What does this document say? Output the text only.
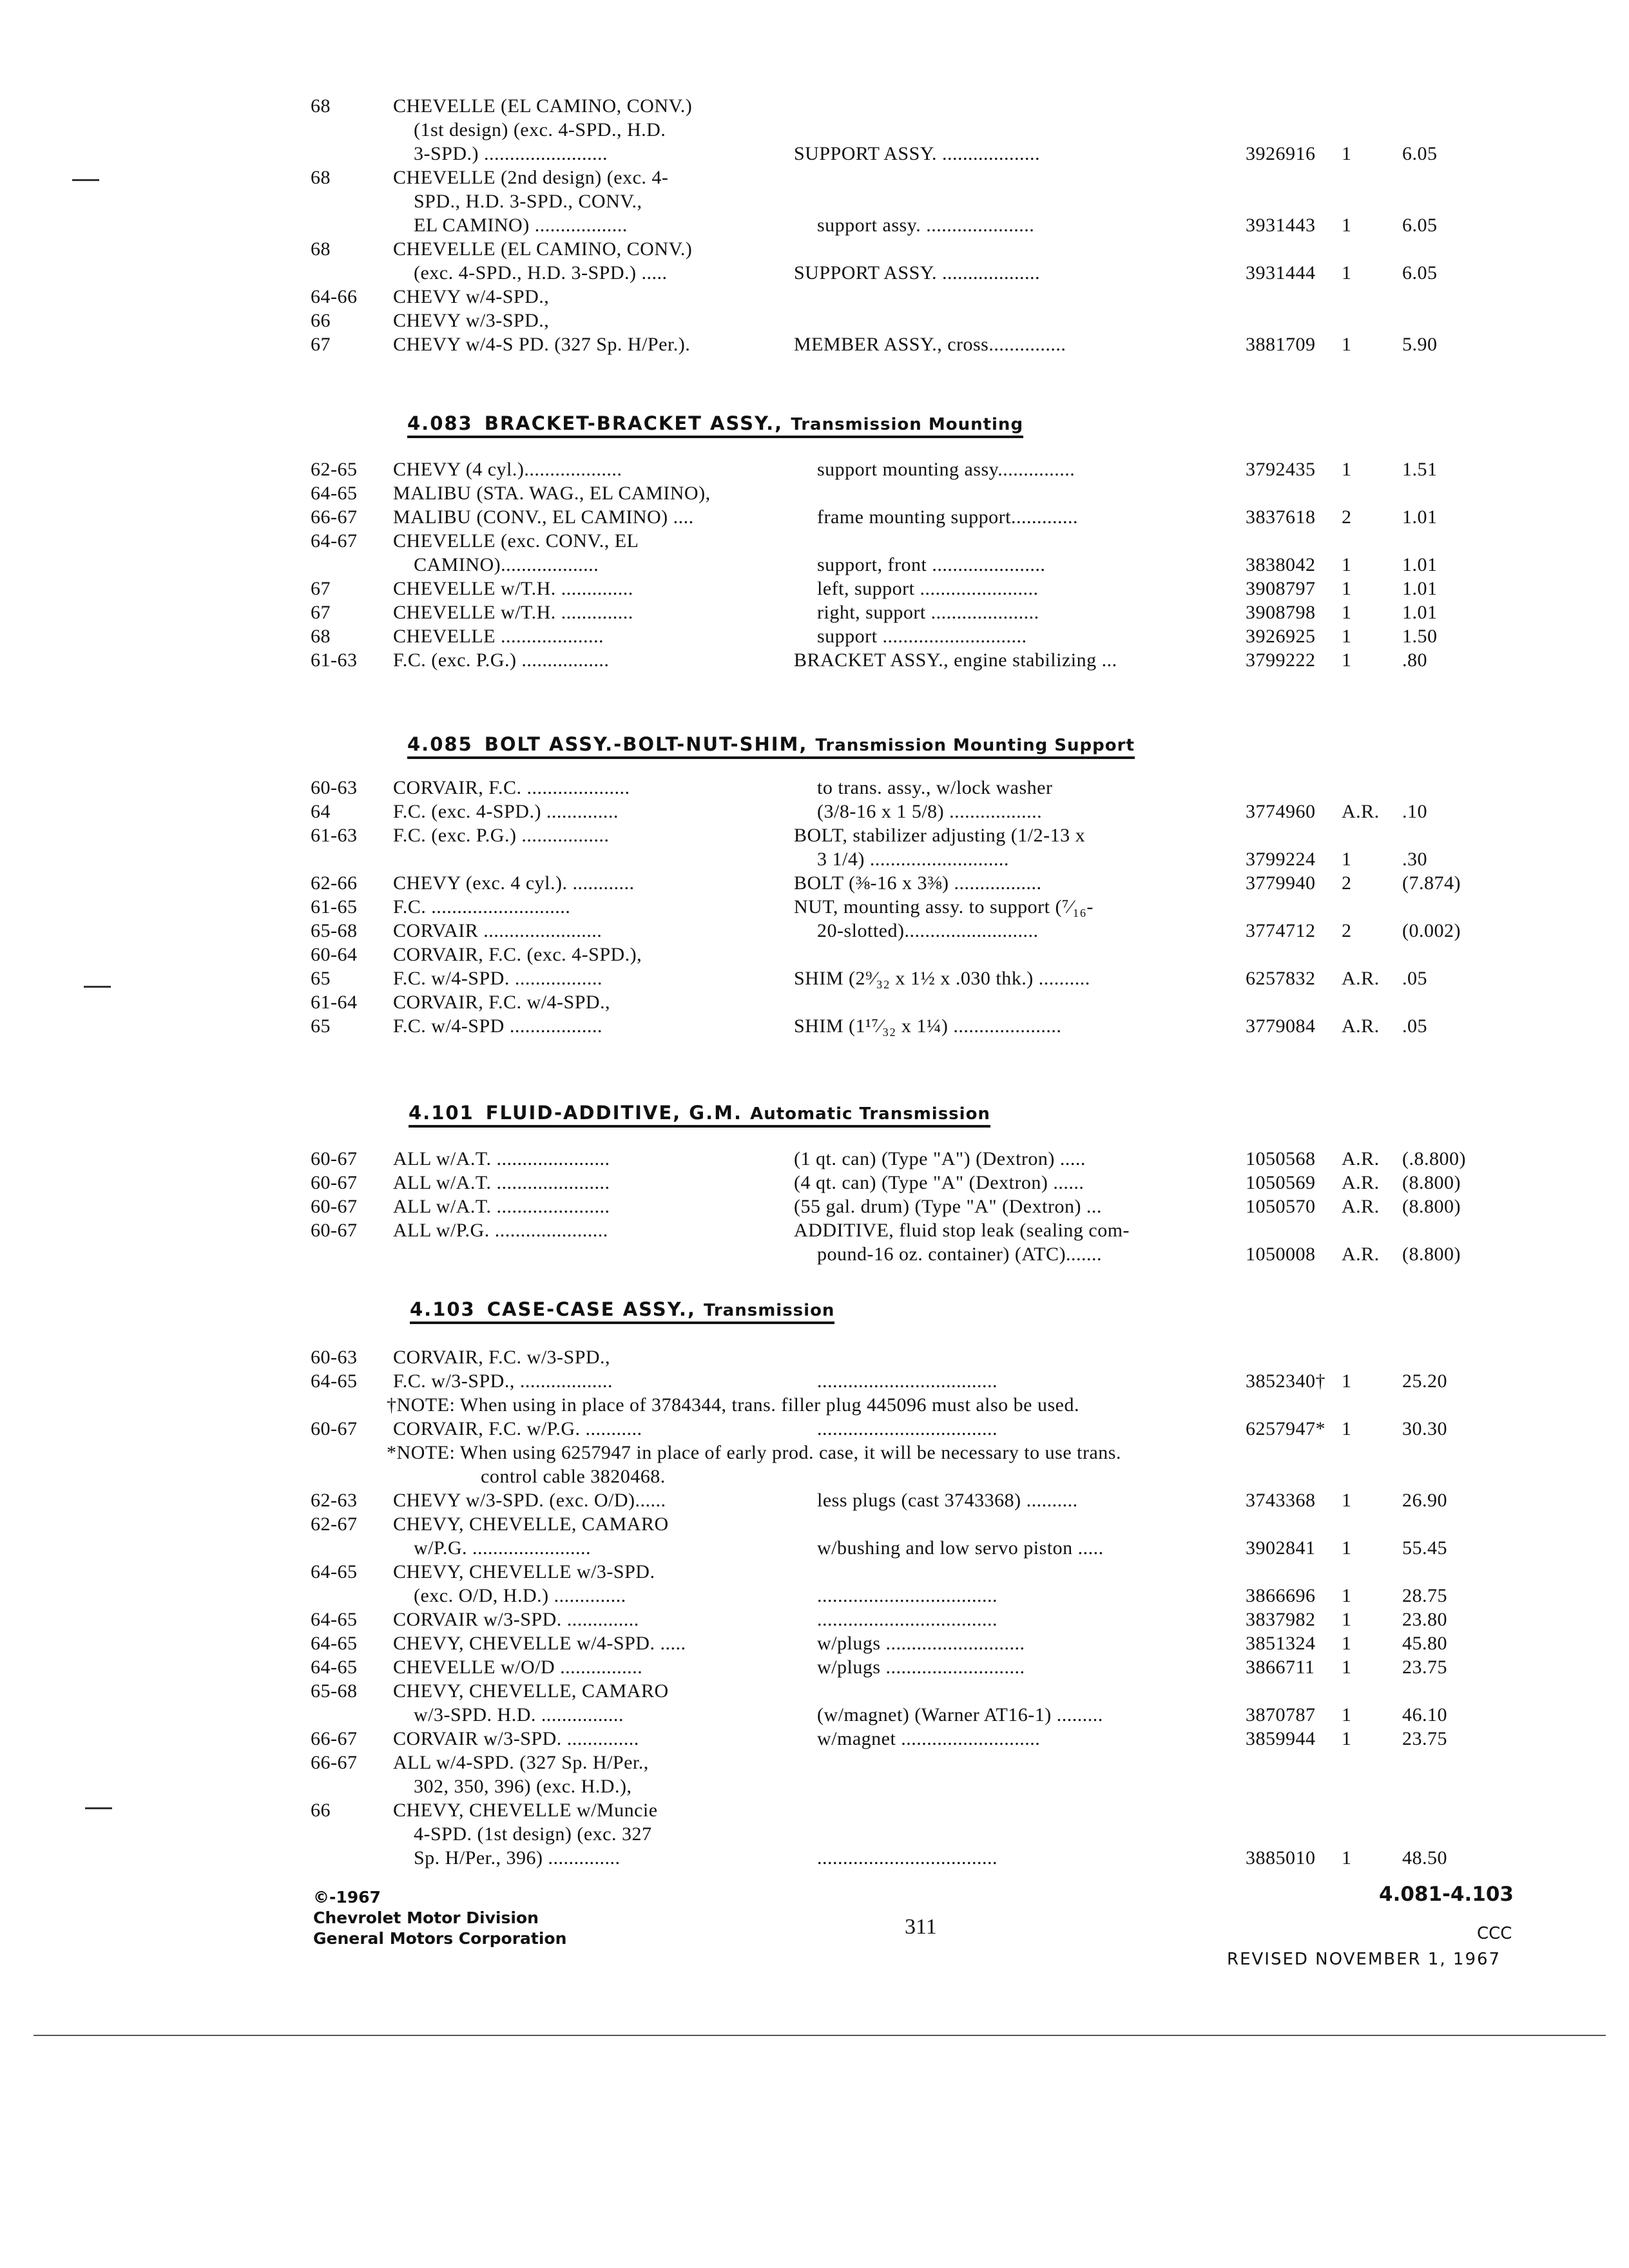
68	CHEVELLE (EL CAMINO, CONV.)
(1st design) (exc. 4-SPD., H.D.
3-SPD.) ........................	SUPPORT ASSY. ...................	3926916 1	6.05
68	CHEVELLE (2nd design) (exc. 4-
SPD., H.D. 3-SPD., CONV.,
EL CAMINO) ..................	support assy. .....................	3931443 1	6.05
68	CHEVELLE (EL CAMINO, CONV.)
(exc. 4-SPD., H.D. 3-SPD.) .....	SUPPORT ASSY. ...................	3931444 1	6.05
64-66 CHEVY w/4-SPD.,
66	CHEVY w/3-SPD.,
67	CHEVY w/4-S PD. (327 Sp. H/Per.).	MEMBER ASSY., cross...............	3881709 1	5.90
4.083 BRACKET-BRACKET ASSY., Transmission Mounting
62-65 CHEVY (4 cyl.)...................	support mounting assy...............	3792435 1	1.51
64-65 MALIBU (STA. WAG., EL CAMINO),
66-67 MALIBU (CONV., EL CAMINO) ....	frame mounting support.............	3837618 2	1.01
64-67 CHEVELLE (exc. CONV., EL
CAMINO)...................	support, front ......................	3838042 1	1.01
67	CHEVELLE w/T.H. ..............	left, support .......................	3908797 1	1.01
67	CHEVELLE w/T.H. ..............	right, support .....................	3908798 1	1.01
68	CHEVELLE ....................	support ............................	3926925 1	1.50
61-63 F.C. (exc. P.G.) .................	BRACKET ASSY., engine stabilizing ...	3799222 1	.80
4.085 BOLT ASSY.-BOLT-NUT-SHIM, Transmission Mounting Support
60-63 CORVAIR, F.C. ....................	to trans. assy., w/lock washer
64	F.C. (exc. 4-SPD.) ..............	(3/8-16 x 1 5/8) ..................	3774960 A.R. .10
61-63 F.C. (exc. P.G.) .................	BOLT, stabilizer adjusting (1/2-13 x
3 1/4) ...........................	3799224 1	.30
62-66 CHEVY (exc. 4 cyl.). ............	BOLT (⅜-16 x 3⅜) .................	3779940 2	(7.874)
61-65 F.C. ...........................	NUT, mounting assy. to support (⁷⁄₁₆-
65-68 CORVAIR .......................	20-slotted)..........................	3774712 2	(0.002)
60-64 CORVAIR, F.C. (exc. 4-SPD.),
65	F.C. w/4-SPD. .................	SHIM (2⁹⁄₃₂ x 1½ x .030 thk.) ..........	6257832 A.R. .05
61-64 CORVAIR, F.C. w/4-SPD.,
65	F.C. w/4-SPD ..................	SHIM (1¹⁷⁄₃₂ x 1¼) .....................	3779084 A.R. .05
4.101 FLUID-ADDITIVE, G.M. Automatic Transmission
60-67 ALL w/A.T. ......................	(1 qt. can) (Type "A") (Dextron) .....	1050568 A.R. (.8.800)
60-67 ALL w/A.T. ......................	(4 qt. can) (Type "A" (Dextron) ......	1050569 A.R. (8.800)
60-67 ALL w/A.T. ......................	(55 gal. drum) (Type "A" (Dextron) ...	1050570 A.R. (8.800)
60-67 ALL w/P.G. ......................	ADDITIVE, fluid stop leak (sealing com-
pound-16 oz. container) (ATC).......	1050008 A.R. (8.800)
4.103 CASE-CASE ASSY., Transmission
60-63 CORVAIR, F.C. w/3-SPD.,
64-65 F.C. w/3-SPD., ..................	...................................	3852340† 1	25.20
†NOTE: When using in place of 3784344, trans. filler plug 445096 must also be used.
60-67 CORVAIR, F.C. w/P.G. ...........	...................................	6257947* 1	30.30
*NOTE: When using 6257947 in place of early prod. case, it will be necessary to use trans.
control cable 3820468.
62-63 CHEVY w/3-SPD. (exc. O/D)......	less plugs (cast 3743368) ..........	3743368 1	26.90
62-67 CHEVY, CHEVELLE, CAMARO
w/P.G. .......................	w/bushing and low servo piston .....	3902841 1	55.45
64-65 CHEVY, CHEVELLE w/3-SPD.
(exc. O/D, H.D.) ..............	...................................	3866696 1	28.75
64-65 CORVAIR w/3-SPD. ..............	...................................	3837982 1	23.80
64-65 CHEVY, CHEVELLE w/4-SPD. .....	w/plugs ...........................	3851324 1	45.80
64-65 CHEVELLE w/O/D ................	w/plugs ...........................	3866711 1	23.75
65-68 CHEVY, CHEVELLE, CAMARO
w/3-SPD. H.D. ................	(w/magnet) (Warner AT16-1) .........	3870787 1	46.10
66-67 CORVAIR w/3-SPD. ..............	w/magnet ...........................	3859944 1	23.75
66-67 ALL w/4-SPD. (327 Sp. H/Per.,
302, 350, 396) (exc. H.D.),
66	CHEVY, CHEVELLE w/Muncie
4-SPD. (1st design) (exc. 327
Sp. H/Per., 396) ..............	...................................	3885010 1	48.50
©-1967
Chevrolet Motor Division
General Motors Corporation	311
4.081-4.103
CCC
REVISED NOVEMBER 1, 1967
